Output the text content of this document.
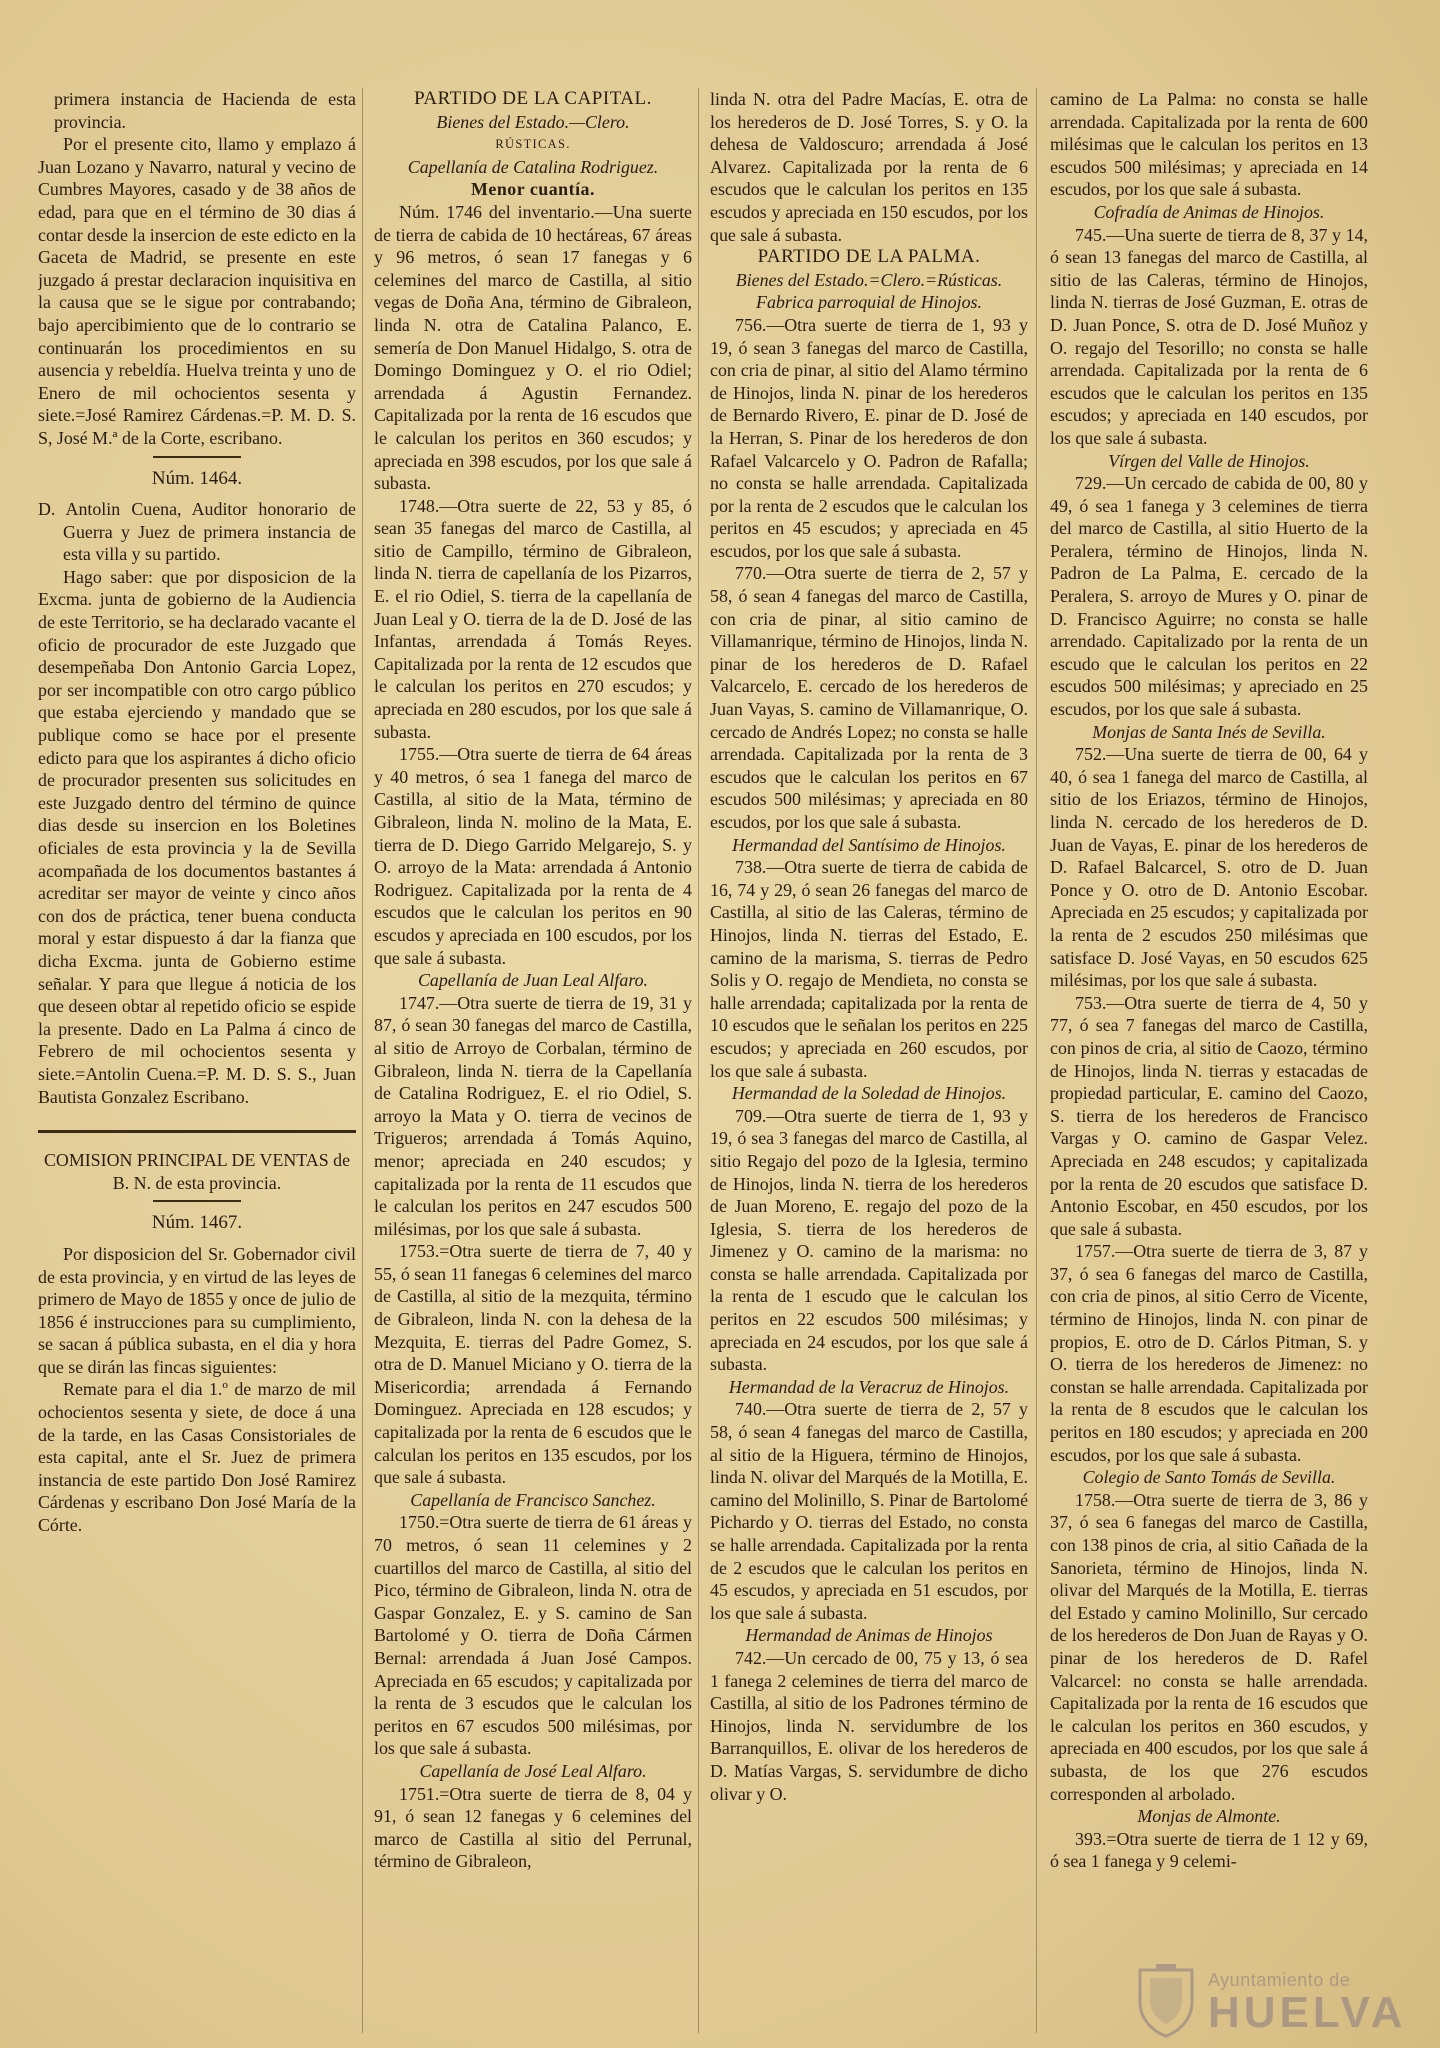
primera instancia de Hacienda de esta provincia.

Por el presente cito, llamo y emplazo á Juan Lozano y Navarro, natural y vecino de Cumbres Mayores, casado y de 38 años de edad, para que en el término de 30 dias á contar desde la insercion de este edicto en la Gaceta de Madrid, se presente en este juzgado á prestar declaracion inquisitiva en la causa que se le sigue por contrabando; bajo apercibimiento que de lo contrario se continuarán los procedimientos en su ausencia y rebeldía. Huelva treinta y uno de Enero de mil ochocientos sesenta y siete.=José Ramirez Cárdenas.=P. M. D. S. S, José M.ª de la Corte, escribano.

Núm. 1464.

D. Antolin Cuena, Auditor honorario de Guerra y Juez de primera instancia de esta villa y su partido.

Hago saber: que por disposicion de la Excma. junta de gobierno de la Audiencia de este Territorio, se ha declarado vacante el oficio de procurador de este Juzgado que desempeñaba Don Antonio Garcia Lopez, por ser incompatible con otro cargo público que estaba ejerciendo y mandado que se publique como se hace por el presente edicto para que los aspirantes á dicho oficio de procurador presenten sus solicitudes en este Juzgado dentro del término de quince dias desde su insercion en los Boletines oficiales de esta provincia y la de Sevilla acompañada de los documentos bastantes á acreditar ser mayor de veinte y cinco años con dos de práctica, tener buena conducta moral y estar dispuesto á dar la fianza que dicha Excma. junta de Gobierno estime señalar. Y para que llegue á noticia de los que deseen obtar al repetido oficio se espide la presente. Dado en La Palma á cinco de Febrero de mil ochocientos sesenta y siete.=Antolin Cuena.=P. M. D. S. S., Juan Bautista Gonzalez Escribano.

COMISION PRINCIPAL DE VENTAS de B. N. de esta provincia.

Núm. 1467.

Por disposicion del Sr. Gobernador civil de esta provincia, y en virtud de las leyes de primero de Mayo de 1855 y once de julio de 1856 é instrucciones para su cumplimiento, se sacan á pública subasta, en el dia y hora que se dirán las fincas siguientes:

Remate para el dia 1.º de marzo de mil ochocientos sesenta y siete, de doce á una de la tarde, en las Casas Consistoriales de esta capital, ante el Sr. Juez de primera instancia de este partido Don José Ramirez Cárdenas y escribano Don José María de la Córte.

PARTIDO DE LA CAPITAL.

Bienes del Estado.—Clero.

RÚSTICAS.

Capellanía de Catalina Rodriguez.

Menor cuantía.

Núm. 1746 del inventario.—Una suerte de tierra de cabida de 10 hectáreas, 67 áreas y 96 metros, ó sean 17 fanegas y 6 celemines del marco de Castilla, al sitio vegas de Doña Ana, término de Gibraleon, linda N. otra de Catalina Palanco, E. semería de Don Manuel Hidalgo, S. otra de Domingo Dominguez y O. el rio Odiel; arrendada á Agustin Fernandez. Capitalizada por la renta de 16 escudos que le calculan los peritos en 360 escudos; y apreciada en 398 escudos, por los que sale á subasta.

1748.—Otra suerte de 22, 53 y 85, ó sean 35 fanegas del marco de Castilla, al sitio de Campillo, término de Gibraleon, linda N. tierra de capellanía de los Pizarros, E. el rio Odiel, S. tierra de la capellanía de Juan Leal y O. tierra de la de D. José de las Infantas, arrendada á Tomás Reyes. Capitalizada por la renta de 12 escudos que le calculan los peritos en 270 escudos; y apreciada en 280 escudos, por los que sale á subasta.

1755.—Otra suerte de tierra de 64 áreas y 40 metros, ó sea 1 fanega del marco de Castilla, al sitio de la Mata, término de Gibraleon, linda N. molino de la Mata, E. tierra de D. Diego Garrido Melgarejo, S. y O. arroyo de la Mata: arrendada á Antonio Rodriguez. Capitalizada por la renta de 4 escudos que le calculan los peritos en 90 escudos y apreciada en 100 escudos, por los que sale á subasta.

Capellanía de Juan Leal Alfaro.

1747.—Otra suerte de tierra de 19, 31 y 87, ó sean 30 fanegas del marco de Castilla, al sitio de Arroyo de Corbalan, término de Gibraleon, linda N. tierra de la Capellanía de Catalina Rodriguez, E. el rio Odiel, S. arroyo la Mata y O. tierra de vecinos de Trigueros; arrendada á Tomás Aquino, menor; apreciada en 240 escudos; y capitalizada por la renta de 11 escudos que le calculan los peritos en 247 escudos 500 milésimas, por los que sale á subasta.

1753.=Otra suerte de tierra de 7, 40 y 55, ó sean 11 fanegas 6 celemines del marco de Castilla, al sitio de la mezquita, término de Gibraleon, linda N. con la dehesa de la Mezquita, E. tierras del Padre Gomez, S. otra de D. Manuel Miciano y O. tierra de la Misericordia; arrendada á Fernando Dominguez. Apreciada en 128 escudos; y capitalizada por la renta de 6 escudos que le calculan los peritos en 135 escudos, por los que sale á subasta.

Capellanía de Francisco Sanchez.

1750.=Otra suerte de tierra de 61 áreas y 70 metros, ó sean 11 celemines y 2 cuartillos del marco de Castilla, al sitio del Pico, término de Gibraleon, linda N. otra de Gaspar Gonzalez, E. y S. camino de San Bartolomé y O. tierra de Doña Cármen Bernal: arrendada á Juan José Campos. Apreciada en 65 escudos; y capitalizada por la renta de 3 escudos que le calculan los peritos en 67 escudos 500 milésimas, por los que sale á subasta.

Capellanía de José Leal Alfaro.

1751.=Otra suerte de tierra de 8, 04 y 91, ó sean 12 fanegas y 6 celemines del marco de Castilla al sitio del Perrunal, término de Gibraleon,

linda N. otra del Padre Macías, E. otra de los herederos de D. José Torres, S. y O. la dehesa de Valdoscuro; arrendada á José Alvarez. Capitalizada por la renta de 6 escudos que le calculan los peritos en 135 escudos y apreciada en 150 escudos, por los que sale á subasta.

PARTIDO DE LA PALMA.

Bienes del Estado.=Clero.=Rústicas.

Fabrica parroquial de Hinojos.

756.—Otra suerte de tierra de 1, 93 y 19, ó sean 3 fanegas del marco de Castilla, con cria de pinar, al sitio del Alamo término de Hinojos, linda N. pinar de los herederos de Bernardo Rivero, E. pinar de D. José de la Herran, S. Pinar de los herederos de don Rafael Valcarcelo y O. Padron de Rafalla; no consta se halle arrendada. Capitalizada por la renta de 2 escudos que le calculan los peritos en 45 escudos; y apreciada en 45 escudos, por los que sale á subasta.

770.—Otra suerte de tierra de 2, 57 y 58, ó sean 4 fanegas del marco de Castilla, con cria de pinar, al sitio camino de Villamanrique, término de Hinojos, linda N. pinar de los herederos de D. Rafael Valcarcelo, E. cercado de los herederos de Juan Vayas, S. camino de Villamanrique, O. cercado de Andrés Lopez; no consta se halle arrendada. Capitalizada por la renta de 3 escudos que le calculan los peritos en 67 escudos 500 milésimas; y apreciada en 80 escudos, por los que sale á subasta.

Hermandad del Santísimo de Hinojos.

738.—Otra suerte de tierra de cabida de 16, 74 y 29, ó sean 26 fanegas del marco de Castilla, al sitio de las Caleras, término de Hinojos, linda N. tierras del Estado, E. camino de la marisma, S. tierras de Pedro Solis y O. regajo de Mendieta, no consta se halle arrendada; capitalizada por la renta de 10 escudos que le señalan los peritos en 225 escudos; y apreciada en 260 escudos, por los que sale á subasta.

Hermandad de la Soledad de Hinojos.

709.—Otra suerte de tierra de 1, 93 y 19, ó sea 3 fanegas del marco de Castilla, al sitio Regajo del pozo de la Iglesia, termino de Hinojos, linda N. tierra de los herederos de Juan Moreno, E. regajo del pozo de la Iglesia, S. tierra de los herederos de Jimenez y O. camino de la marisma: no consta se halle arrendada. Capitalizada por la renta de 1 escudo que le calculan los peritos en 22 escudos 500 milésimas; y apreciada en 24 escudos, por los que sale á subasta.

Hermandad de la Veracruz de Hinojos.

740.—Otra suerte de tierra de 2, 57 y 58, ó sean 4 fanegas del marco de Castilla, al sitio de la Higuera, término de Hinojos, linda N. olivar del Marqués de la Motilla, E. camino del Molinillo, S. Pinar de Bartolomé Pichardo y O. tierras del Estado, no consta se halle arrendada. Capitalizada por la renta de 2 escudos que le calculan los peritos en 45 escudos, y apreciada en 51 escudos, por los que sale á subasta.

Hermandad de Animas de Hinojos

742.—Un cercado de 00, 75 y 13, ó sea 1 fanega 2 celemines de tierra del marco de Castilla, al sitio de los Padrones término de Hinojos, linda N. servidumbre de los Barranquillos, E. olivar de los herederos de D. Matías Vargas, S. servidumbre de dicho olivar y O.

camino de La Palma: no consta se halle arrendada. Capitalizada por la renta de 600 milésimas que le calculan los peritos en 13 escudos 500 milésimas; y apreciada en 14 escudos, por los que sale á subasta.

Cofradía de Animas de Hinojos.

745.—Una suerte de tierra de 8, 37 y 14, ó sean 13 fanegas del marco de Castilla, al sitio de las Caleras, término de Hinojos, linda N. tierras de José Guzman, E. otras de D. Juan Ponce, S. otra de D. José Muñoz y O. regajo del Tesorillo; no consta se halle arrendada. Capitalizada por la renta de 6 escudos que le calculan los peritos en 135 escudos; y apreciada en 140 escudos, por los que sale á subasta.

Vírgen del Valle de Hinojos.

729.—Un cercado de cabida de 00, 80 y 49, ó sea 1 fanega y 3 celemines de tierra del marco de Castilla, al sitio Huerto de la Peralera, término de Hinojos, linda N. Padron de La Palma, E. cercado de la Peralera, S. arroyo de Mures y O. pinar de D. Francisco Aguirre; no consta se halle arrendado. Capitalizado por la renta de un escudo que le calculan los peritos en 22 escudos 500 milésimas; y apreciado en 25 escudos, por los que sale á subasta.

Monjas de Santa Inés de Sevilla.

752.—Una suerte de tierra de 00, 64 y 40, ó sea 1 fanega del marco de Castilla, al sitio de los Eriazos, término de Hinojos, linda N. cercado de los herederos de D. Juan de Vayas, E. pinar de los herederos de D. Rafael Balcarcel, S. otro de D. Juan Ponce y O. otro de D. Antonio Escobar. Apreciada en 25 escudos; y capitalizada por la renta de 2 escudos 250 milésimas que satisface D. José Vayas, en 50 escudos 625 milésimas, por los que sale á subasta.

753.—Otra suerte de tierra de 4, 50 y 77, ó sea 7 fanegas del marco de Castilla, con pinos de cria, al sitio de Caozo, término de Hinojos, linda N. tierras y estacadas de propiedad particular, E. camino del Caozo, S. tierra de los herederos de Francisco Vargas y O. camino de Gaspar Velez. Apreciada en 248 escudos; y capitalizada por la renta de 20 escudos que satisface D. Antonio Escobar, en 450 escudos, por los que sale á subasta.

1757.—Otra suerte de tierra de 3, 87 y 37, ó sea 6 fanegas del marco de Castilla, con cria de pinos, al sitio Cerro de Vicente, término de Hinojos, linda N. con pinar de propios, E. otro de D. Cárlos Pitman, S. y O. tierra de los herederos de Jimenez: no constan se halle arrendada. Capitalizada por la renta de 8 escudos que le calculan los peritos en 180 escudos; y apreciada en 200 escudos, por los que sale á subasta.

Colegio de Santo Tomás de Sevilla.

1758.—Otra suerte de tierra de 3, 86 y 37, ó sea 6 fanegas del marco de Castilla, con 138 pinos de cria, al sitio Cañada de la Sanorieta, término de Hinojos, linda N. olivar del Marqués de la Motilla, E. tierras del Estado y camino Molinillo, Sur cercado de los herederos de Don Juan de Rayas y O. pinar de los herederos de D. Rafel Valcarcel: no consta se halle arrendada. Capitalizada por la renta de 16 escudos que le calculan los peritos en 360 escudos, y apreciada en 400 escudos, por los que sale á subasta, de los que 276 escudos corresponden al arbolado.

Monjas de Almonte.

393.=Otra suerte de tierra de 1 12 y 69, ó sea 1 fanega y 9 celemi-

Ayuntamiento de
HUELVA
